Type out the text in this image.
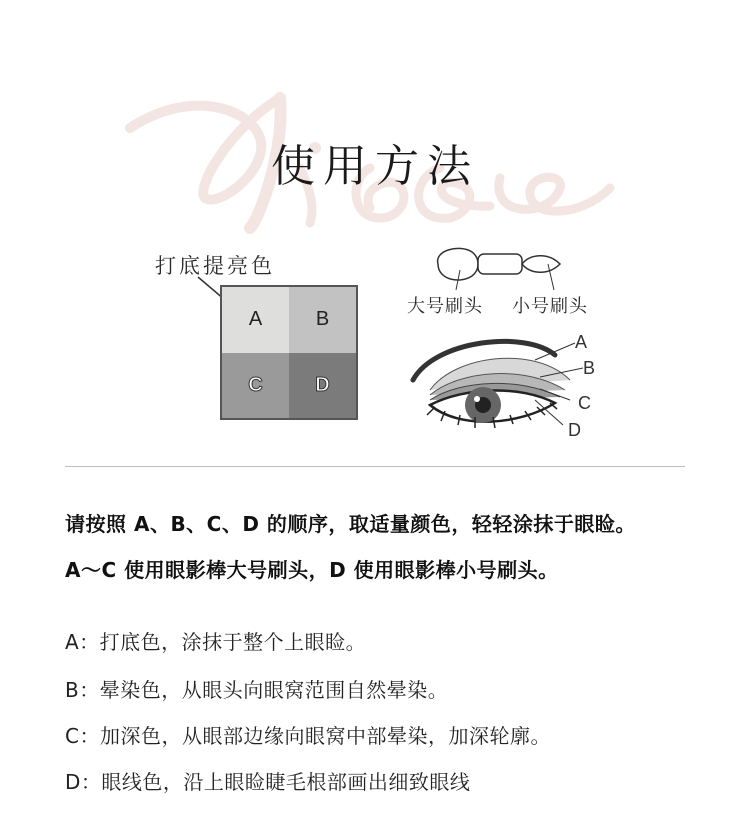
使用方法
打底提亮色
A	B
C	D
大号刷头 小号刷头
A
B
C
D
请按照 A、B、C、D 的顺序，取适量颜色，轻轻涂抹于眼睑。
A～C 使用眼影棒大号刷头，D 使用眼影棒小号刷头。
A：打底色，涂抹于整个上眼睑。
B：晕染色，从眼头向眼窝范围自然晕染。
C：加深色，从眼部边缘向眼窝中部晕染，加深轮廓。
D：眼线色，沿上眼睑睫毛根部画出细致眼线
